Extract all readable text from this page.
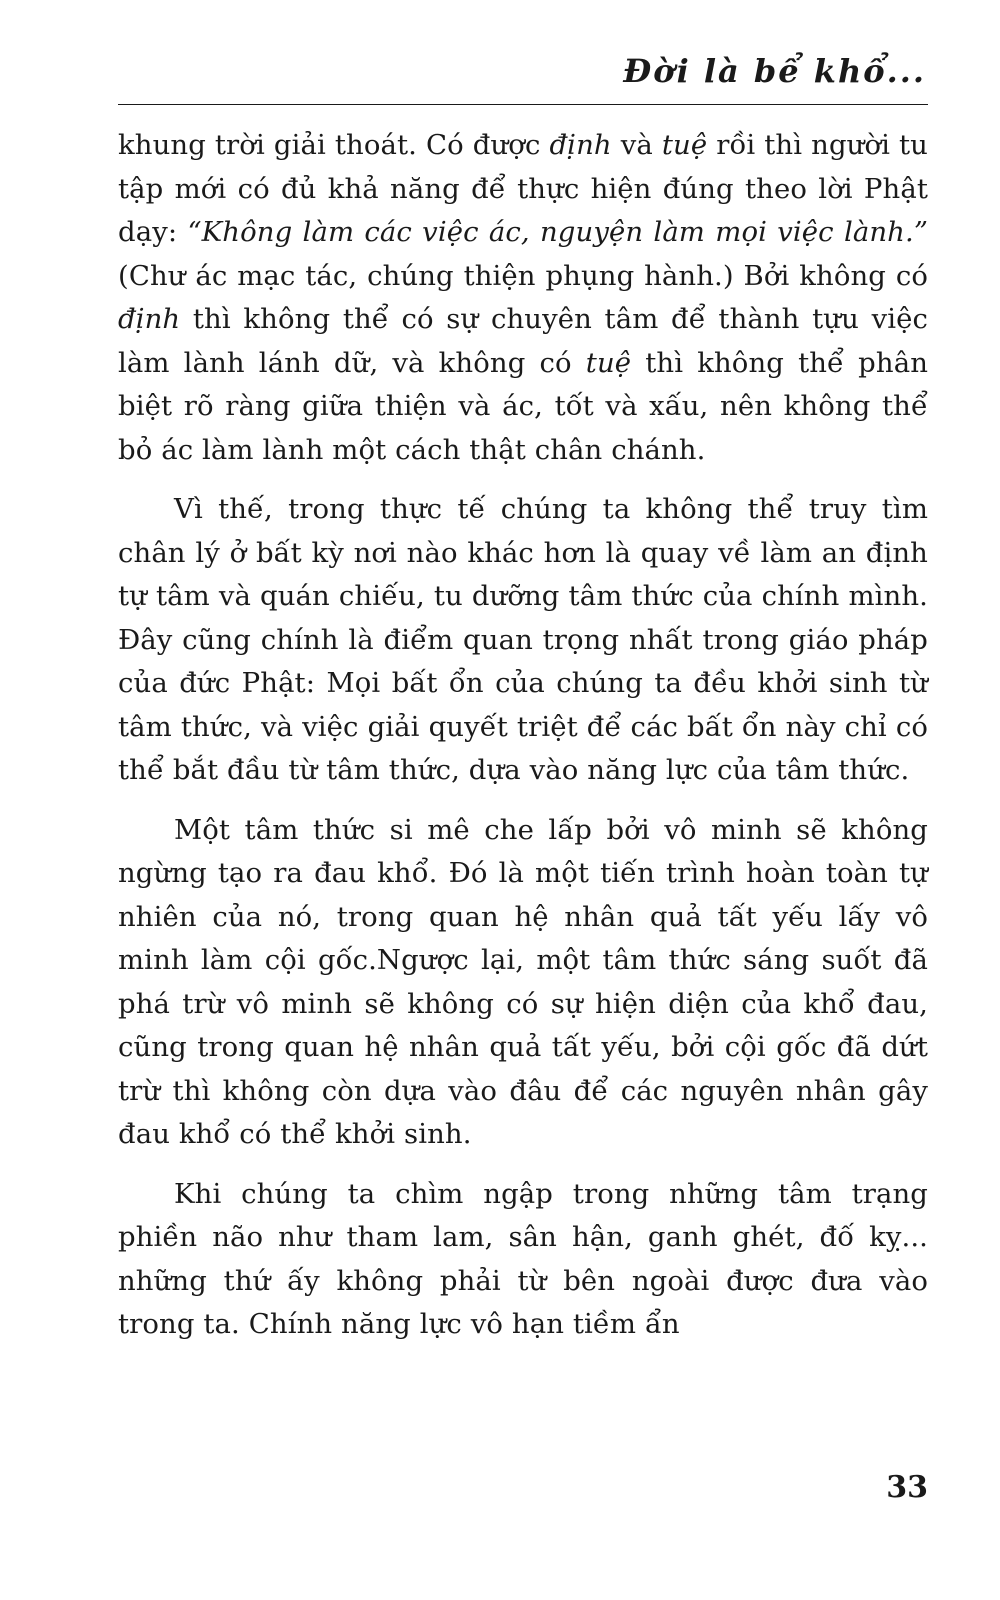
Đời là bể khổ...

khung trời giải thoát. Có được định và tuệ rồi thì người tu tập mới có đủ khả năng để thực hiện đúng theo lời Phật dạy: “Không làm các việc ác, nguyện làm mọi việc lành.” (Chư ác mạc tác, chúng thiện phụng hành.) Bởi không có định thì không thể có sự chuyên tâm để thành tựu việc làm lành lánh dữ, và không có tuệ thì không thể phân biệt rõ ràng giữa thiện và ác, tốt và xấu, nên không thể bỏ ác làm lành một cách thật chân chánh.

Vì thế, trong thực tế chúng ta không thể truy tìm chân lý ở bất kỳ nơi nào khác hơn là quay về làm an định tự tâm và quán chiếu, tu dưỡng tâm thức của chính mình. Đây cũng chính là điểm quan trọng nhất trong giáo pháp của đức Phật: Mọi bất ổn của chúng ta đều khởi sinh từ tâm thức, và việc giải quyết triệt để các bất ổn này chỉ có thể bắt đầu từ tâm thức, dựa vào năng lực của tâm thức.

Một tâm thức si mê che lấp bởi vô minh sẽ không ngừng tạo ra đau khổ. Đó là một tiến trình hoàn toàn tự nhiên của nó, trong quan hệ nhân quả tất yếu lấy vô minh làm cội gốc.Ngược lại, một tâm thức sáng suốt đã phá trừ vô minh sẽ không có sự hiện diện của khổ đau, cũng trong quan hệ nhân quả tất yếu, bởi cội gốc đã dứt trừ thì không còn dựa vào đâu để các nguyên nhân gây đau khổ có thể khởi sinh.

Khi chúng ta chìm ngập trong những tâm trạng phiền não như tham lam, sân hận, ganh ghét, đố kỵ... những thứ ấy không phải từ bên ngoài được đưa vào trong ta. Chính năng lực vô hạn tiềm ẩn

33
